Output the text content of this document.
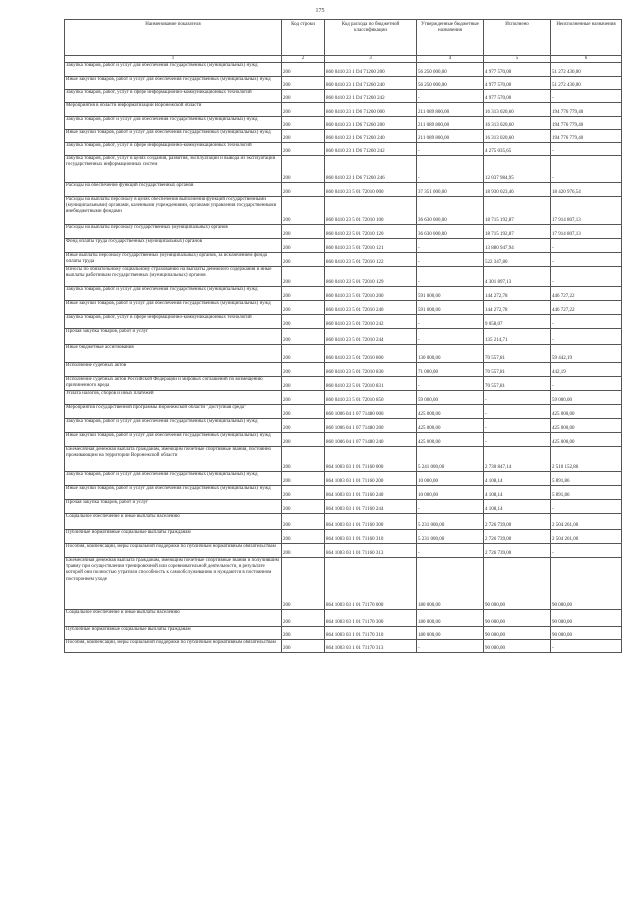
175
Наименование показателя	Код строки	Код расхода по бюджетной классификации	Утвержденные бюджетные назначения	Исполнено	Неисполненные назначения
1	2	3	4	5	6
Закупка товаров, работ и услуг для обеспечения государственных (муниципальных) нужд	200	860 0410 23 1 D4 71260 200	56 250 000,00	4 977 570,00	51 272 430,00
Иные закупки товаров, работ и услуг для обеспечения государственных (муниципальных) нужд	200	860 0410 23 1 D4 71260 240	56 250 000,00	4 977 570,00	51 272 430,00
Закупка товаров, работ, услуг в сфере информационно-коммуникационных технологий	200	860 0410 23 1 D4 71260 242	-	4 977 570,00	-
Мероприятия в области информатизации Воронежской области	200	860 0410 23 1 D6 71260 000	211 089 800,00	16 313 020,60	194 776 779,40
Закупка товаров, работ и услуг для обеспечения государственных (муниципальных) нужд	200	860 0410 23 1 D6 71260 200	211 089 800,00	16 313 020,60	194 776 779,40
Иные закупки товаров, работ и услуг для обеспечения государственных (муниципальных) нужд	200	860 0410 23 1 D6 71260 240	211 089 800,00	16 313 020,60	194 776 779,40
Закупка товаров, работ, услуг в сфере информационно-коммуникационных технологий	200	860 0410 23 1 D6 71260 242	-	4 275 035,65	-
Закупка товаров, работ, услуг в целях создания, развития, эксплуатации и вывода из эксплуатации государственных информационных систем	200	860 0410 23 1 D6 71260 246	-	12 037 984,95	-
Расходы на обеспечение функций государственных органов	200	860 0410 23 5 01 72010 000	37 351 000,00	18 930 023,46	18 420 976,54
Расходы на выплаты персоналу в целях обеспечения выполнения функций государственными (муниципальными) органами, казенными учреждениями, органами управления государственными внебюджетными фондами	200	860 0410 23 5 01 72010 100	36 630 000,00	18 715 192,87	17 914 807,13
Расходы на выплаты персоналу государственных (муниципальных) органов	200	860 0410 23 5 01 72010 120	36 630 000,00	18 715 192,87	17 914 807,13
Фонд оплаты труда государственных (муниципальных) органов	200	860 0410 23 5 01 72010 121	-	13 880 947,94	-
Иные выплаты персоналу государственных (муниципальных) органов, за исключением фонда оплаты труда	200	860 0410 23 5 01 72010 122	-	522 347,80	-
Взносы по обязательному социальному страхованию на выплаты денежного содержания и иные выплаты работникам государственных (муниципальных) органов	200	860 0410 23 5 01 72010 129	-	4 301 897,13	-
Закупка товаров, работ и услуг для обеспечения государственных (муниципальных) нужд	200	860 0410 23 5 01 72010 200	591 000,00	144 272,78	446 727,22
Иные закупки товаров, работ и услуг для обеспечения государственных (муниципальных) нужд	200	860 0410 23 5 01 72010 240	591 000,00	144 272,78	446 727,22
Закупка товаров, работ, услуг в сфере информационно-коммуникационных технологий	200	860 0410 23 5 01 72010 242	-	9 058,07	-
Прочая закупка товаров, работ и услуг	200	860 0410 23 5 01 72010 244	-	135 214,71	-
Иные бюджетные ассигнования	200	860 0410 23 5 01 72010 800	130 000,00	70 557,81	59 442,19
Исполнение судебных актов	200	860 0410 23 5 01 72010 830	71 000,00	70 557,81	442,19
Исполнение судебных актов Российской Федерации и мировых соглашений по возмещению причиненного вреда	200	860 0410 23 5 01 72010 831	-	70 557,81	-
Уплата налогов, сборов и иных платежей	200	860 0410 23 5 01 72010 850	59 000,00	-	59 000,00
Мероприятия государственной программы Воронежской области "Доступная среда"	200	860 1006 04 1 07 71480 000	425 000,00	-	425 000,00
Закупка товаров, работ и услуг для обеспечения государственных (муниципальных) нужд	200	860 1006 04 1 07 71480 200	425 000,00	-	425 000,00
Иные закупки товаров, работ и услуг для обеспечения государственных (муниципальных) нужд	200	860 1006 04 1 07 71480 240	425 000,00	-	425 000,00
Ежемесячная денежная выплата гражданам, имеющим почетные спортивные звания, постоянно проживающим на территории Воронежской области	200	864 1003 03 1 01 71160 000	5 241 000,00	2 730 847,14	2 510 152,86
Закупка товаров, работ и услуг для обеспечения государственных (муниципальных) нужд	200	864 1003 03 1 01 71160 200	10 000,00	4 108,14	5 891,86
Иные закупки товаров, работ и услуг для обеспечения государственных (муниципальных) нужд	200	864 1003 03 1 01 71160 240	10 000,00	4 108,14	5 891,86
Прочая закупка товаров, работ и услуг	200	864 1003 03 1 01 71160 244	-	4 108,14	-
Социальное обеспечение и иные выплаты населению	200	864 1003 03 1 01 71160 300	5 231 000,00	2 726 739,00	2 504 261,00
Публичные нормативные социальные выплаты гражданам	200	864 1003 03 1 01 71160 310	5 231 000,00	2 726 739,00	2 504 261,00
Пособия, компенсации, меры социальной поддержки по публичным нормативным обязательствам	200	864 1003 03 1 01 71160 313	-	2 726 739,00	-
Ежемесячная денежная выплата гражданам, имеющим почетные спортивные звания и получившим травму при осуществлении тренировочной или соревновательной деятельности, в результате которой они полностью утратили способность к самообслуживанию и нуждаются в постоянном постороннем уходе	200	864 1003 03 1 01 71170 000	180 000,00	90 000,00	90 000,00
Социальное обеспечение и иные выплаты населению	200	864 1003 03 1 01 71170 300	180 000,00	90 000,00	90 000,00
Публичные нормативные социальные выплаты гражданам	200	864 1003 03 1 01 71170 310	180 000,00	90 000,00	90 000,00
Пособия, компенсации, меры социальной поддержки по публичным нормативным обязательствам	200	864 1003 03 1 01 71170 313	-	90 000,00	-
